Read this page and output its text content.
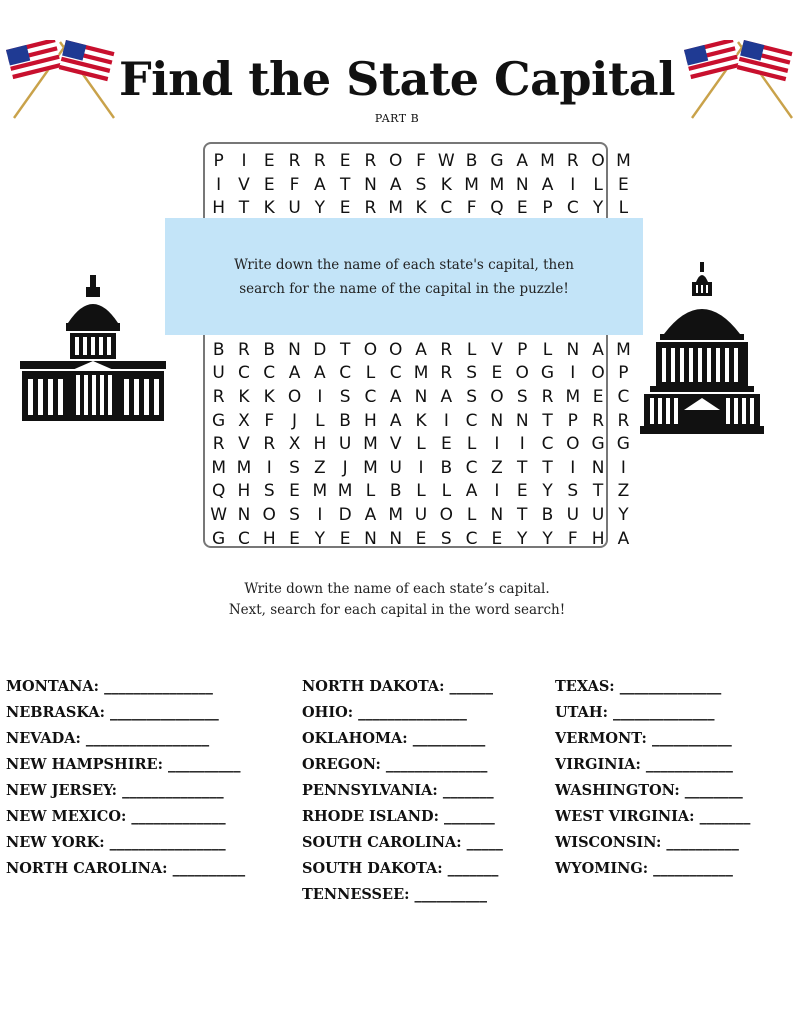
Find the State Capital
PART B
P I E R R E R O F W B G A M R O M
I V E F A T N A S K M M N A I L E
H T K U Y E R M K C F Q E P C Y L

B R B N D T O O A R L V P L N A M
U C C A A C L C M R S E O G I O P
R K K O I S C A N A S O S R M E C
G X F J L B H A K I C N N T P R R
R V R X H U M V L E L I I C O G G
M M I S Z J M U I B C Z T T I N I
Q H S E M M L B L L A I E Y S T Z
W N O S I D A M U O L N T B U U Y
G C H E Y E N N E S C E Y Y F H A
Write down the name of each state's capital, then
search for the name of the capital in the puzzle!
Write down the name of each state’s capital.
Next, search for each capital in the word search!
MONTANA: _______________
NEBRASKA: _______________
NEVADA: _________________
NEW HAMPSHIRE: __________
NEW JERSEY: ______________
NEW MEXICO: _____________
NEW YORK: ________________
NORTH CAROLINA: __________
NORTH DAKOTA: ______
OHIO: _______________
OKLAHOMA: __________
OREGON: ______________
PENNSYLVANIA: _______
RHODE ISLAND: _______
SOUTH CAROLINA: _____
SOUTH DAKOTA: _______
TENNESSEE: __________
TEXAS: ______________
UTAH: ______________
VERMONT: ___________
VIRGINIA: ____________
WASHINGTON: ________
WEST VIRGINIA: _______
WISCONSIN: __________
WYOMING: ___________
